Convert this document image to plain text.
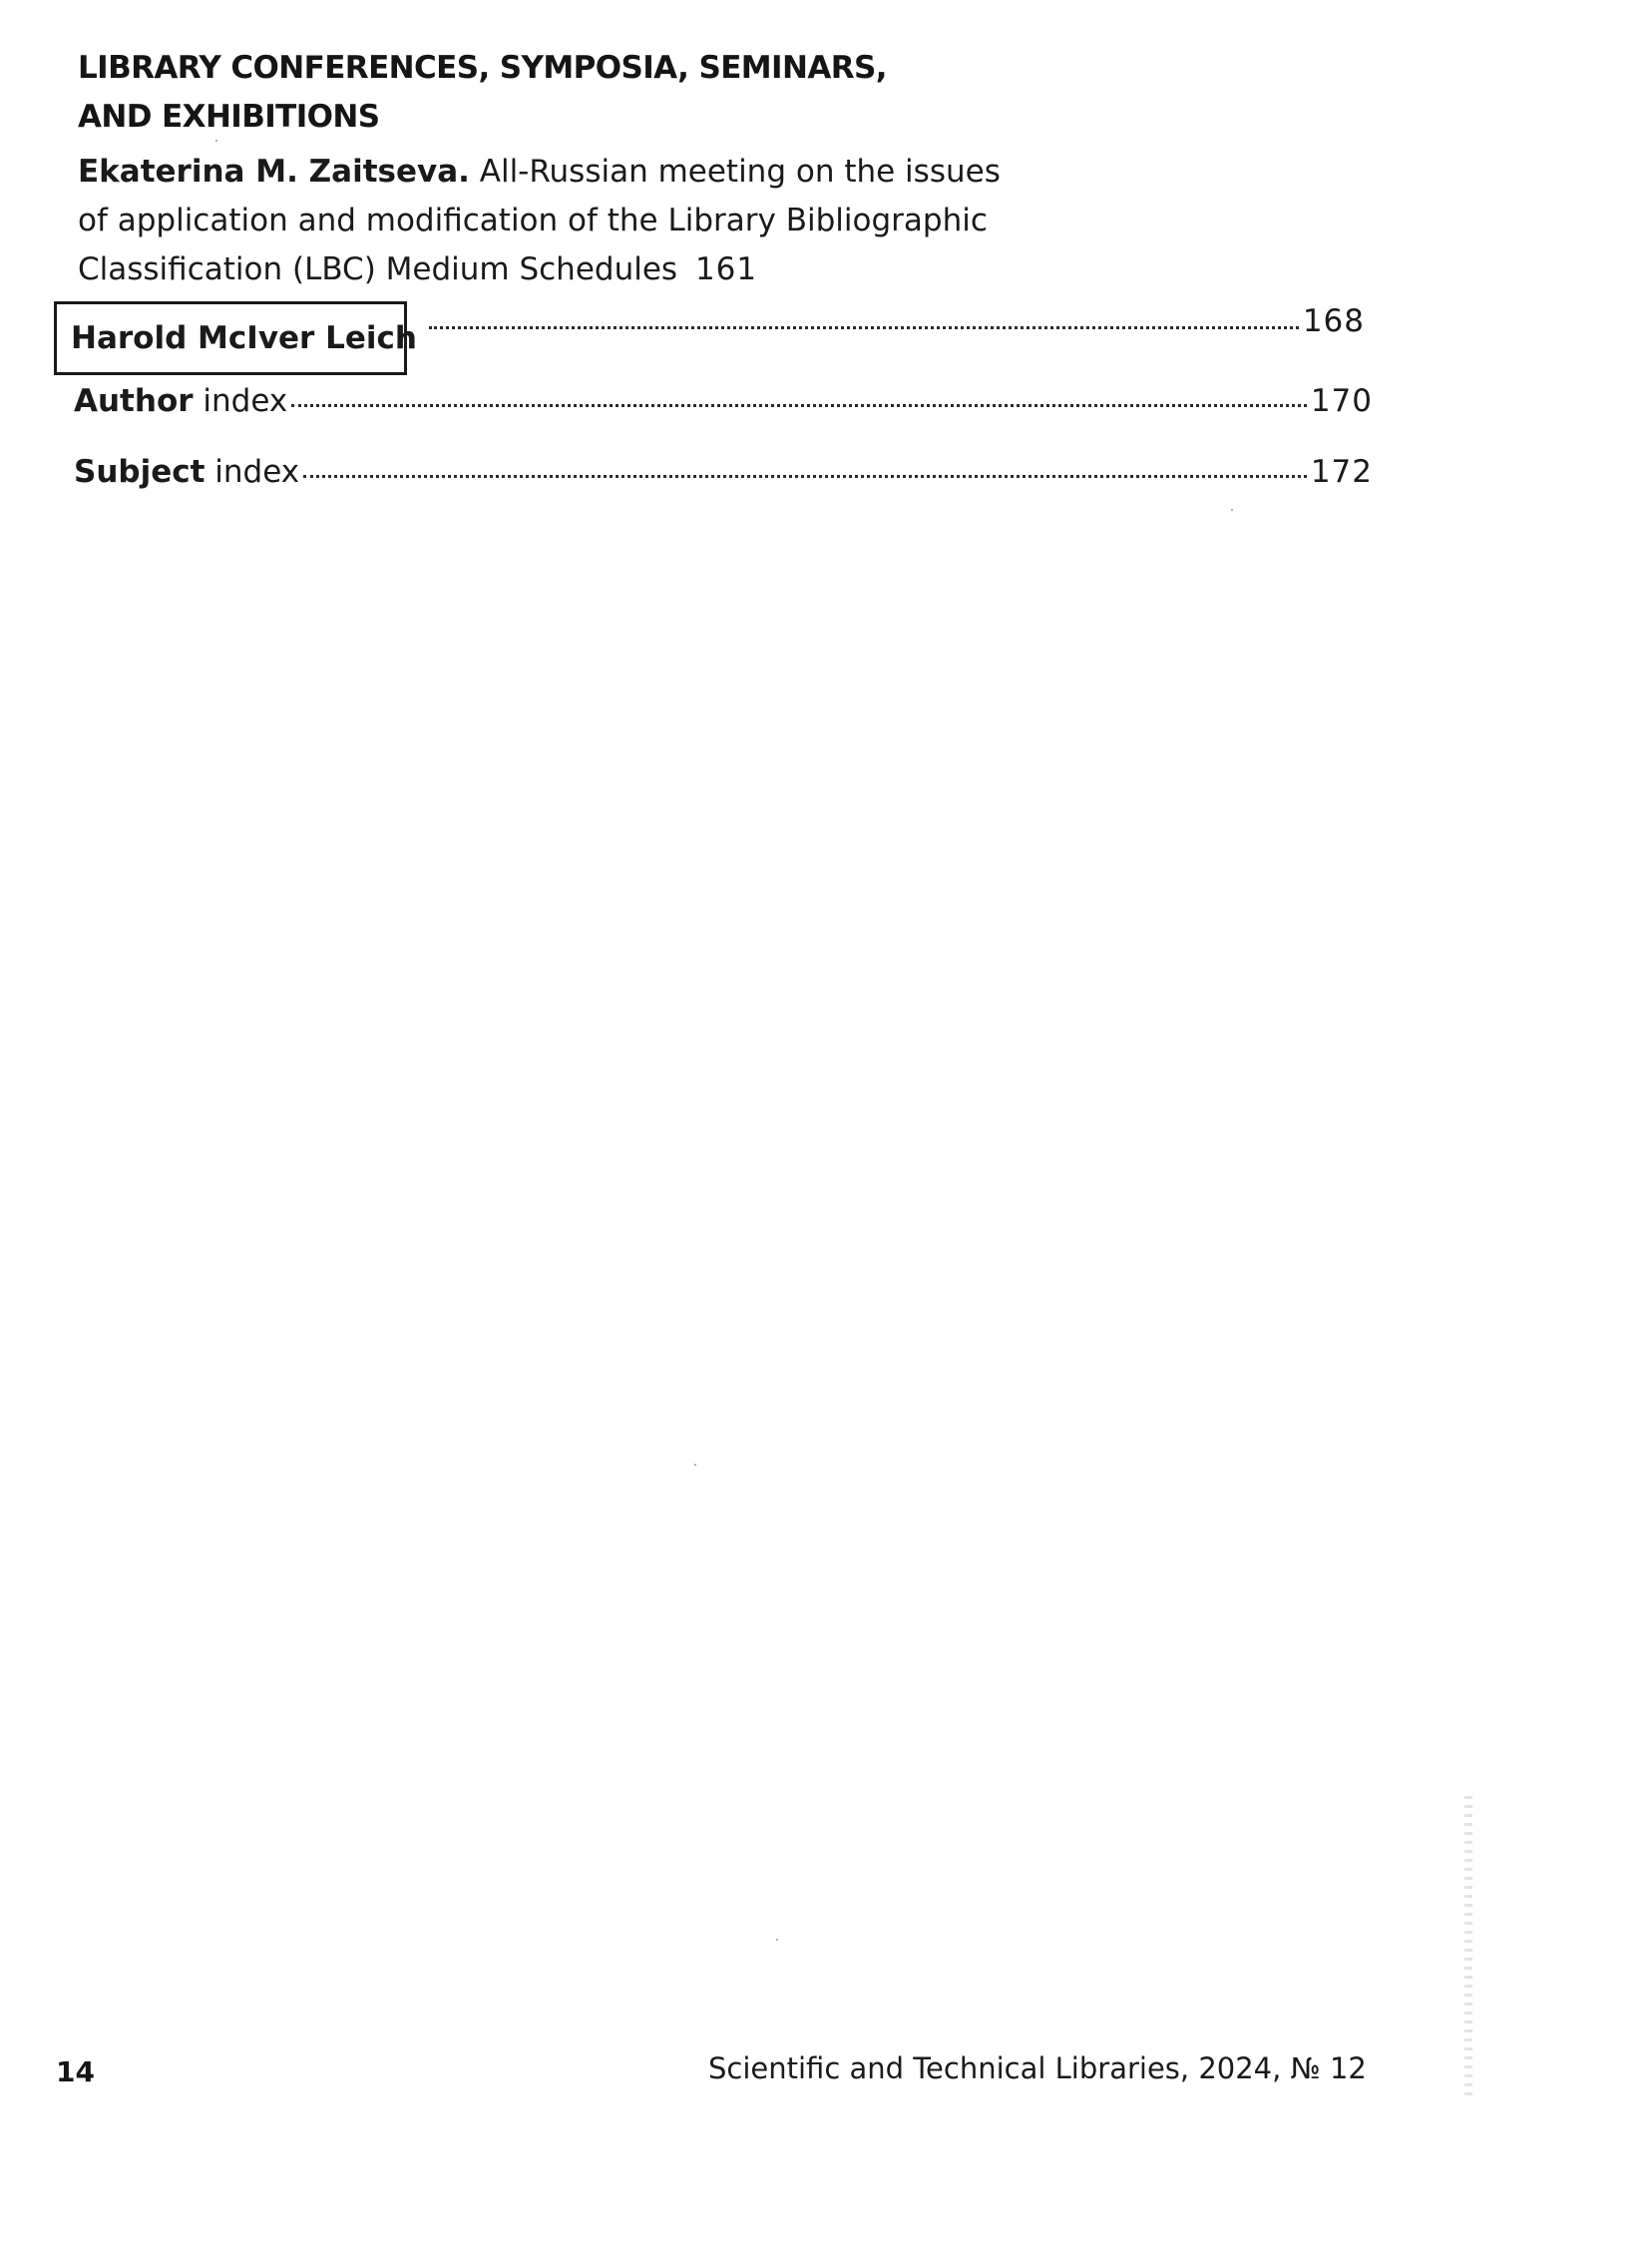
LIBRARY CONFERENCES, SYMPOSIA, SEMINARS,
AND EXHIBITIONS
Ekaterina M. Zaitseva. All-Russian meeting on the issues
of application and modification of the Library Bibliographic
Classification (LBC) Medium Schedules 161
Harold McIver Leich	168
Author index	170
Subject index	172
14	Scientific and Technical Libraries, 2024, № 12
